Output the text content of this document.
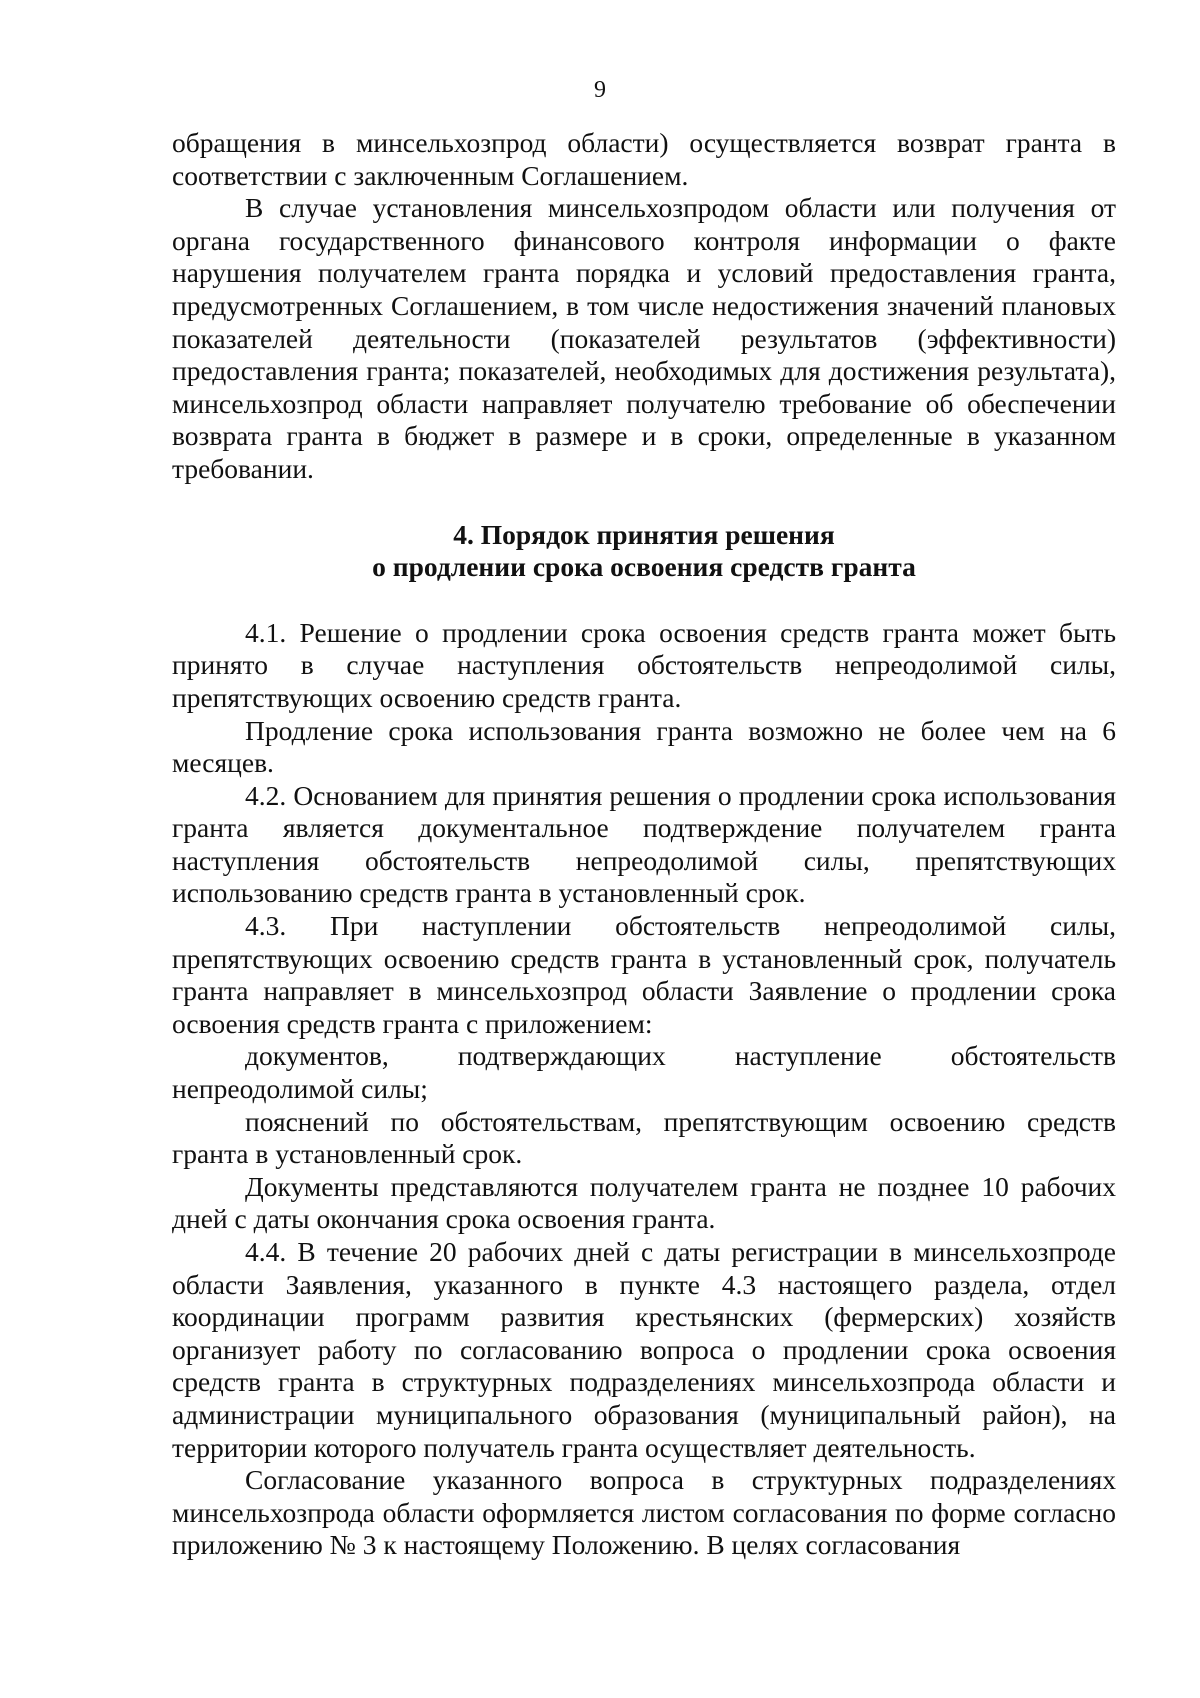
9

обращения в минсельхозпрод области) осуществляется возврат гранта в соответствии с заключенным Соглашением.

В случае установления минсельхозпродом области или получения от органа государственного финансового контроля информации о факте нарушения получателем гранта порядка и условий предоставления гранта, предусмотренных Соглашением, в том числе недостижения значений плановых показателей деятельности (показателей результатов (эффективности) предоставления гранта; показателей, необходимых для достижения результата), минсельхозпрод области направляет получателю требование об обеспечении возврата гранта в бюджет в размере и в сроки, определенные в указанном требовании.

4. Порядок принятия решения
о продлении срока освоения средств гранта

4.1. Решение о продлении срока освоения средств гранта может быть принято в случае наступления обстоятельств непреодолимой силы, препятствующих освоению средств гранта.

Продление срока использования гранта возможно не более чем на 6 месяцев.

4.2. Основанием для принятия решения о продлении срока использования гранта является документальное подтверждение получателем гранта наступления обстоятельств непреодолимой силы, препятствующих использованию средств гранта в установленный срок.

4.3. При наступлении обстоятельств непреодолимой силы, препятствующих освоению средств гранта в установленный срок, получатель гранта направляет в минсельхозпрод области Заявление о продлении срока освоения средств гранта с приложением:

документов, подтверждающих наступление обстоятельств непреодолимой силы;

пояснений по обстоятельствам, препятствующим освоению средств гранта в установленный срок.

Документы представляются получателем гранта не позднее 10 рабочих дней с даты окончания срока освоения гранта.

4.4. В течение 20 рабочих дней с даты регистрации в минсельхозпроде области Заявления, указанного в пункте 4.3 настоящего раздела, отдел координации программ развития крестьянских (фермерских) хозяйств организует работу по согласованию вопроса о продлении срока освоения средств гранта в структурных подразделениях минсельхозпрода области и администрации муниципального образования (муниципальный район), на территории которого получатель гранта осуществляет деятельность.

Согласование указанного вопроса в структурных подразделениях минсельхозпрода области оформляется листом согласования по форме согласно приложению № 3 к настоящему Положению. В целях согласования
